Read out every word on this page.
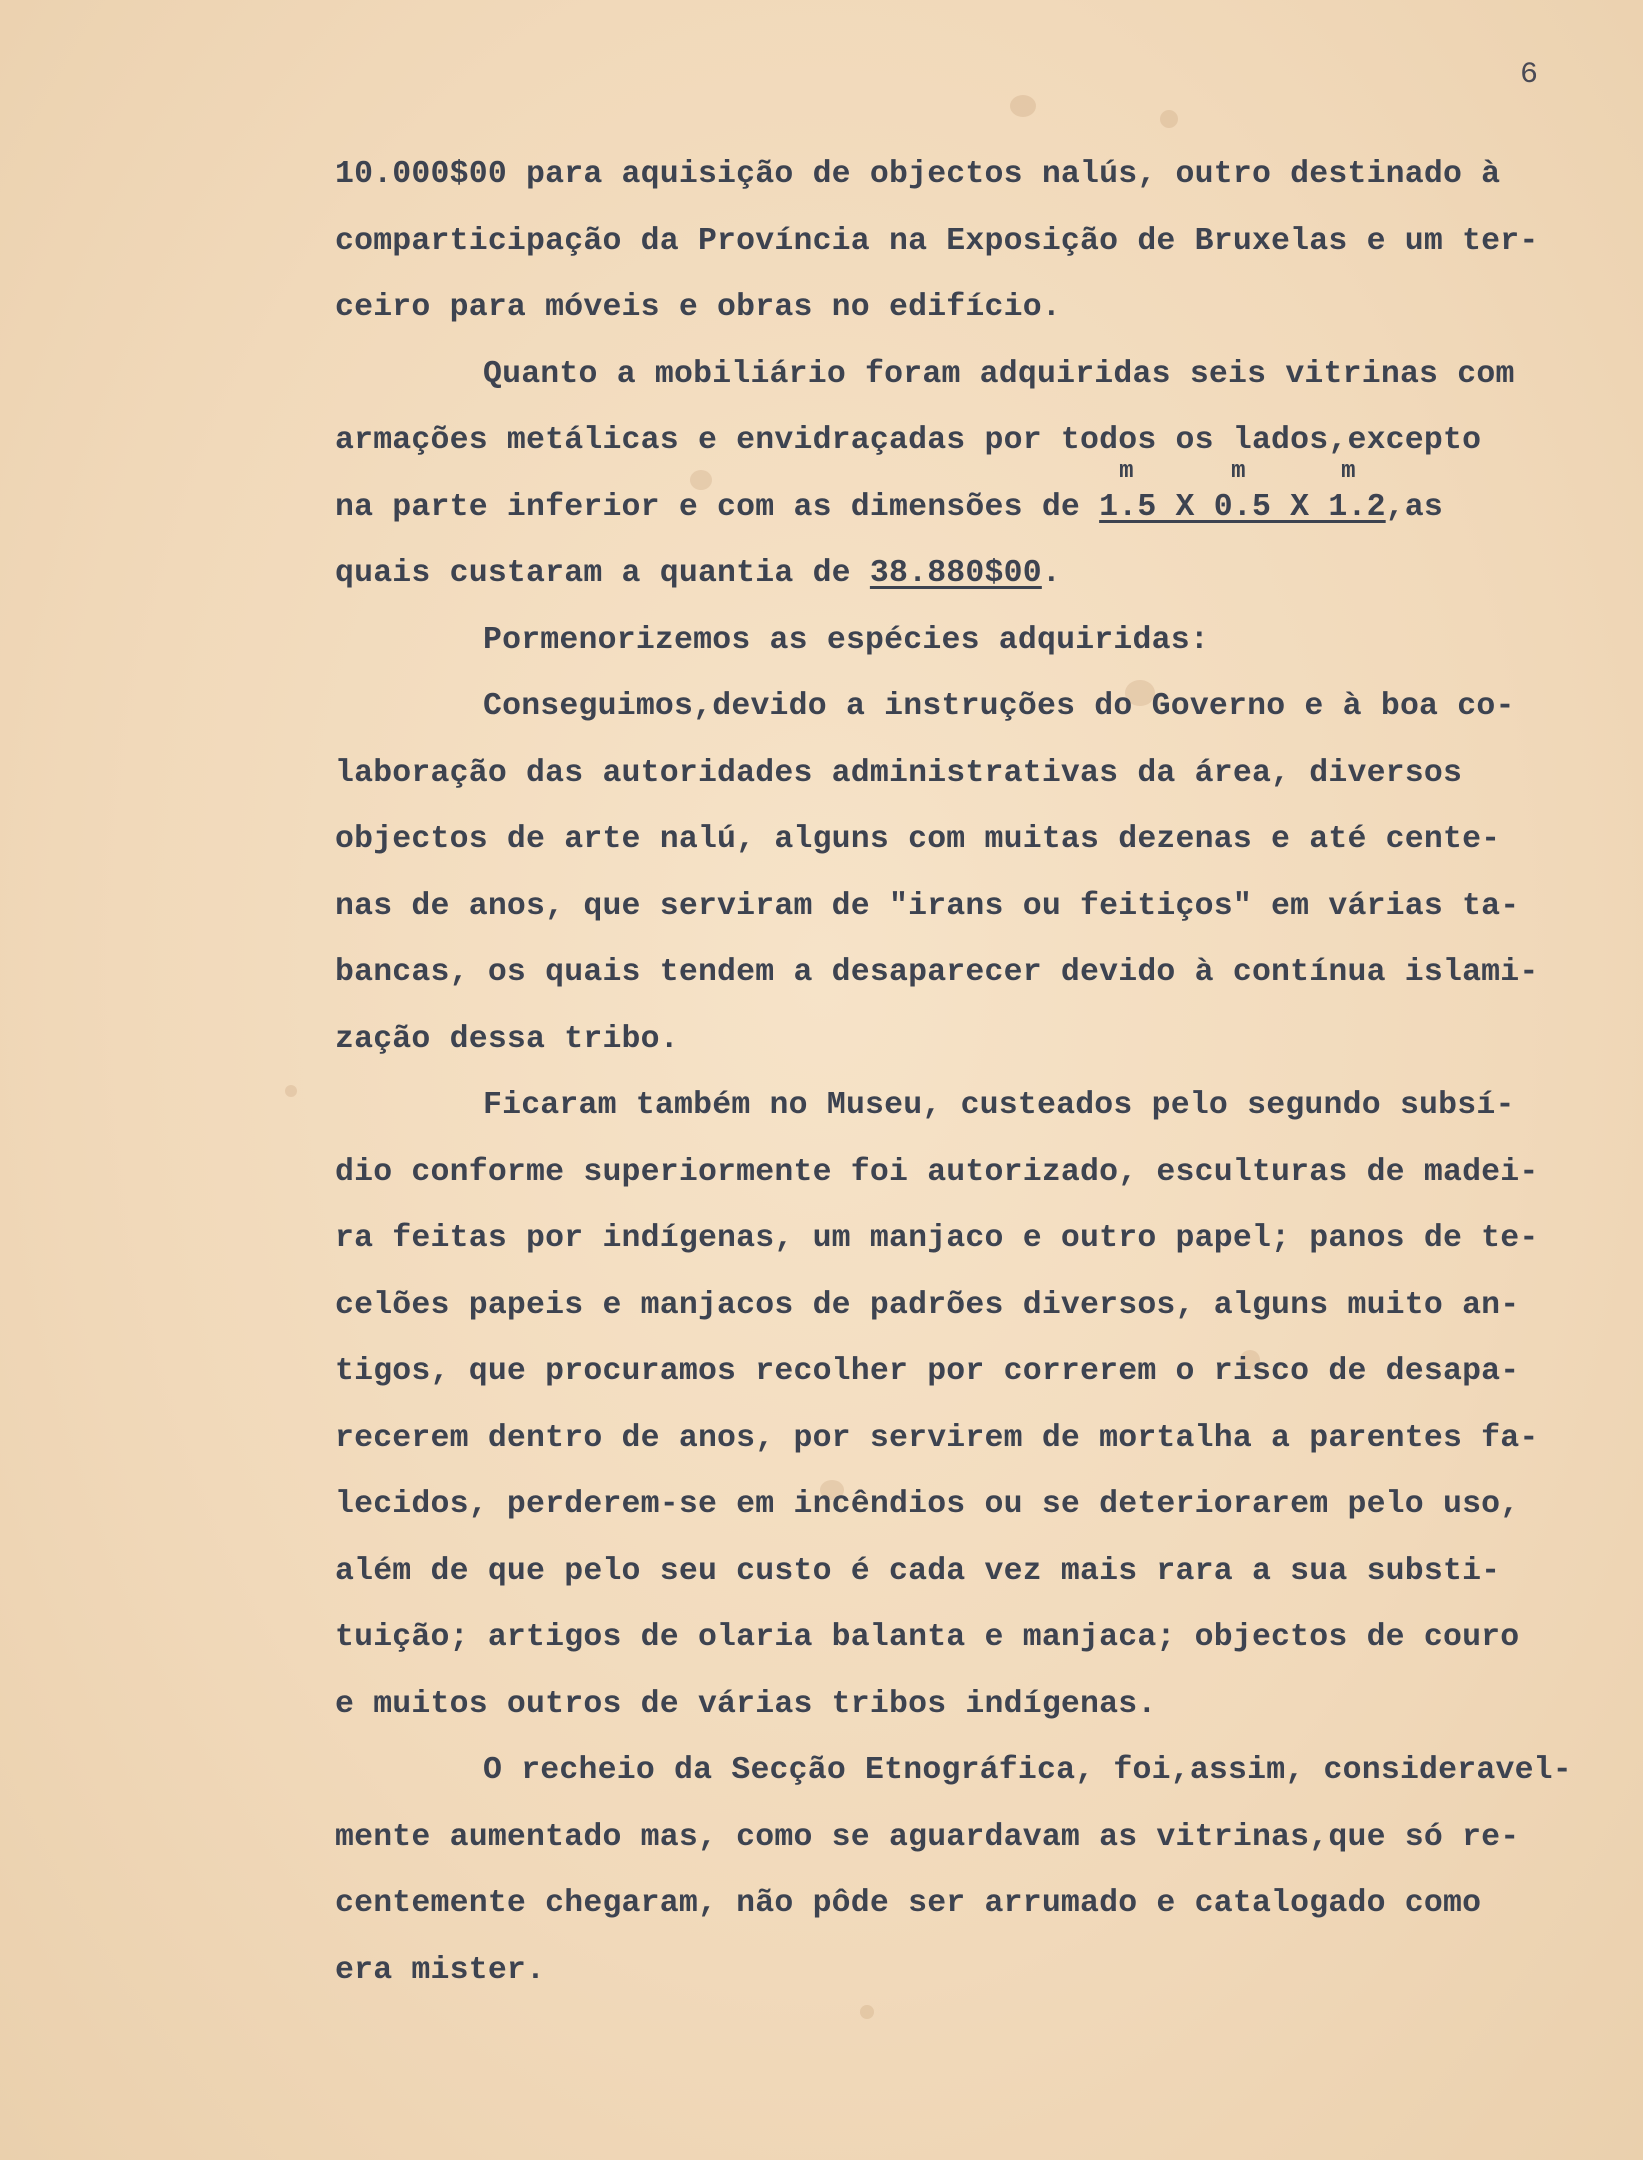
6
10.000$00 para aquisição de objectos nalús, outro destinado à
comparticipação da Província na Exposição de Bruxelas e um ter-
ceiro para móveis e obras no edifício.
Quanto a mobiliário foram adquiridas seis vitrinas com
armações metálicas e envidraçadas por todos os lados,excepto
na parte inferior e com as dimensões de
m	m	m
1.5 X 0.5 X 1.2,as
quais custaram a quantia de 38.880$00.
Pormenorizemos as espécies adquiridas:
Conseguimos,devido a instruções do Governo e à boa co-
laboração das autoridades administrativas da área, diversos
objectos de arte nalú, alguns com muitas dezenas e até cente-
nas de anos, que serviram de "irans ou feitiços" em várias ta-
bancas, os quais tendem a desaparecer devido à contínua islami-
zação dessa tribo.
Ficaram também no Museu, custeados pelo segundo subsí-
dio conforme superiormente foi autorizado, esculturas de madei-
ra feitas por indígenas, um manjaco e outro papel; panos de te-
celões papeis e manjacos de padrões diversos, alguns muito an-
tigos, que procuramos recolher por correrem o risco de desapa-
recerem dentro de anos, por servirem de mortalha a parentes fa-
lecidos, perderem-se em incêndios ou se deteriorarem pelo uso,
além de que pelo seu custo é cada vez mais rara a sua substi-
tuição; artigos de olaria balanta e manjaca; objectos de couro
e muitos outros de várias tribos indígenas.
O recheio da Secção Etnográfica, foi,assim, consideravel-
mente aumentado mas, como se aguardavam as vitrinas,que só re-
centemente chegaram, não pôde ser arrumado e catalogado como
era mister.
